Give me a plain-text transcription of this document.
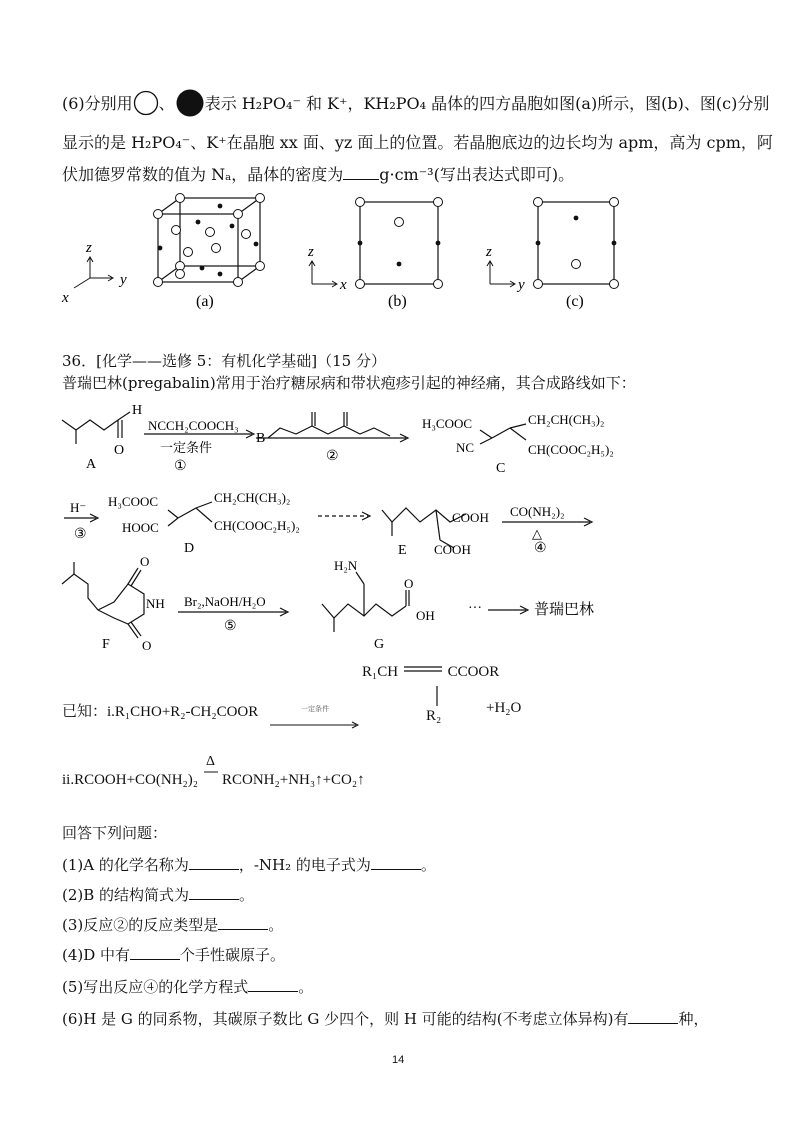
(6)分别用 、 表示 H₂PO₄⁻ 和 K⁺，KH₂PO₄ 晶体的四方晶胞如图(a)所示，图(b)、图(c)分别
显示的是 H₂PO₄⁻、K⁺在晶胞 xx 面、yz 面上的位置。若晶胞底边的边长均为 apm，高为 cpm，阿
伏加德罗常数的值为 Nₐ，晶体的密度为 g·cm⁻³(写出表达式即可)。
z
y
x	(a)
z
x
(b)
z
y
(c)
36．[化学——选修 5：有机化学基础]（15 分）
普瑞巴林(pregabalin)常用于治疗糖尿病和带状疱疹引起的神经痛，其合成路线如下：
H
O
A
NCCH₂COOCH₃
一定条件
①
B
②
H₃COOC
NC
CH₂CH(CH₃)₂
CH(COOC₂H₅)₂
C
H⁻
③
H₃COOC
HOOC
CH₂CH(CH₃)₂
CH(COOC₂H₅)₂
D
COOH
COOH
E
CO(NH₂)₂
△
④
O
NH
O
F
Br₂,NaOH/H₂O
⑤
H₂N
O
OH
G
···	普瑞巴林
R₁CH	CCOOR
R₂
已知：i.R₁CHO+R₂-CH₂COOR	一定条件	+H₂O
Δ
ii.RCOOH+CO(NH₂)₂ RCONH₂+NH₃↑+CO₂↑
回答下列问题：
(1)A 的化学名称为	，-NH₂ 的电子式为	。
(2)B 的结构简式为	。
(3)反应②的反应类型是	。
(4)D 中有	个手性碳原子。
(5)写出反应④的化学方程式	。
(6)H 是 G 的同系物，其碳原子数比 G 少四个，则 H 可能的结构(不考虑立体异构)有	种，
14
